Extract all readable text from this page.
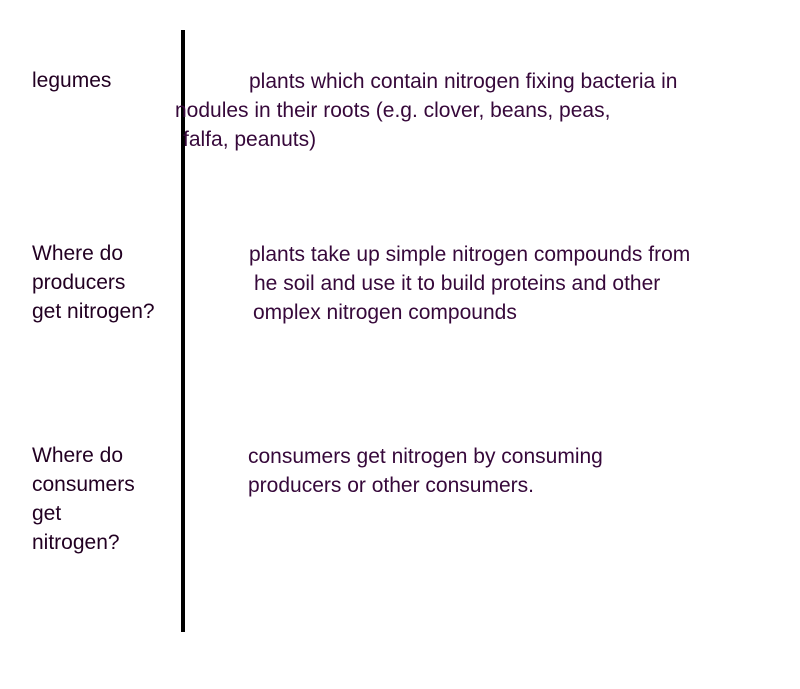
legumes	plants which contain nitrogen fixing bacteria in
nodules in their roots (e.g. clover, beans, peas,
falfa, peanuts)
Where do
producers
get nitrogen?
plants take up simple nitrogen compounds from
he soil and use it to build proteins and other
omplex nitrogen compounds
Where do
consumers
get
nitrogen?
consumers get nitrogen by consuming
producers or other consumers.
